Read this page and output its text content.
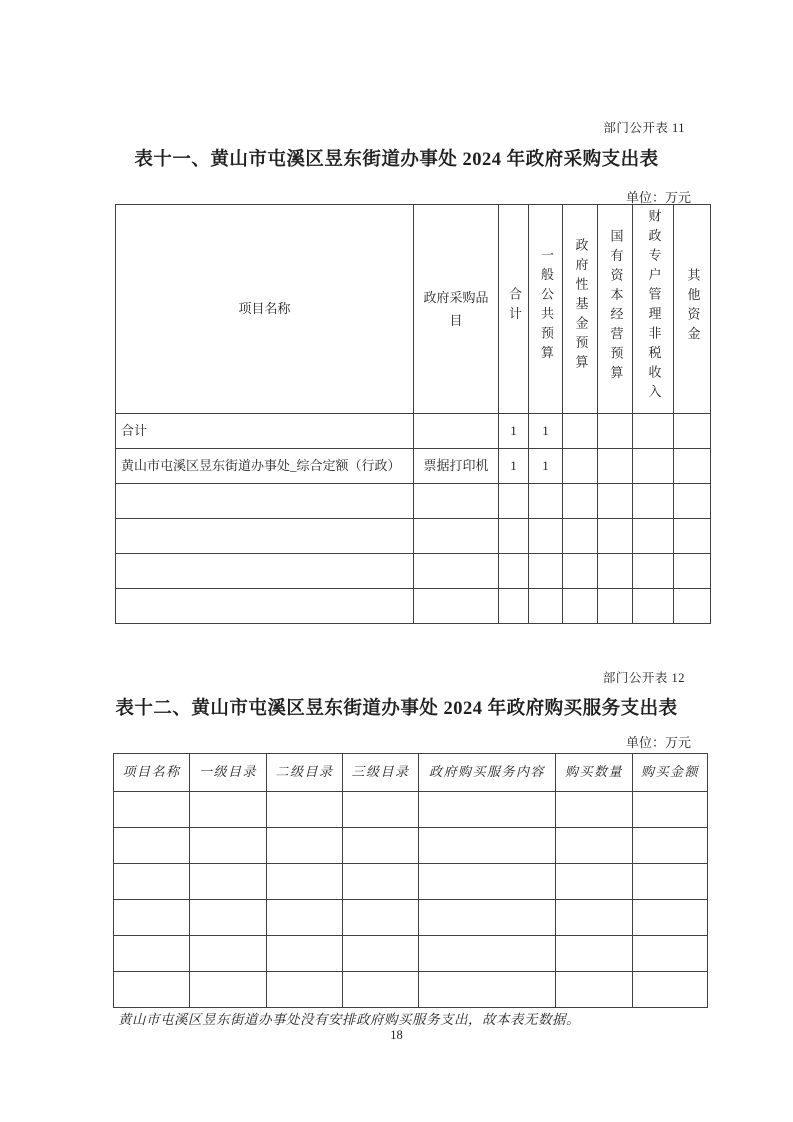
部门公开表 11
表十一、黄山市屯溪区昱东街道办事处 2024 年政府采购支出表
单位：万元
项目名称	政府采购品目	合计	一般公共预算	政府性基金预算	国有资本经营预算	财政专户管理非税收入	其他资金
合计		1	1				
黄山市屯溪区昱东街道办事处_综合定额（行政）	票据打印机	1	1				

部门公开表 12
表十二、黄山市屯溪区昱东街道办事处 2024 年政府购买服务支出表
单位：万元
项目名称	一级目录	二级目录	三级目录	政府购买服务内容	购买数量	购买金额

黄山市屯溪区昱东街道办事处没有安排政府购买服务支出，故本表无数据。
18
